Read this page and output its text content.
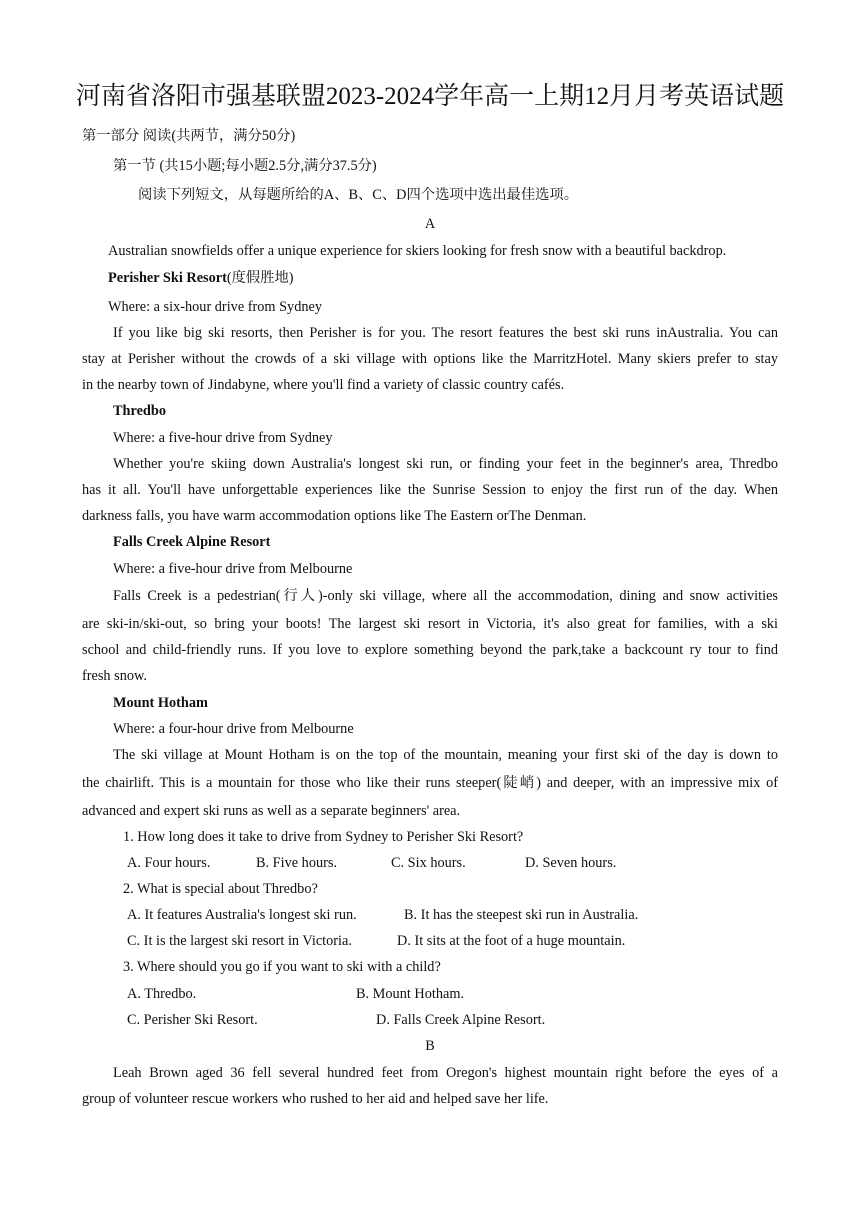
河南省洛阳市强基联盟2023-2024学年高一上期12月月考英语试题
第一部分 阅读(共两节，满分50分)
第一节 (共15小题;每小题2.5分,满分37.5分)
阅读下列短文，从每题所给的A、B、C、D四个选项中选出最佳选项。
A
Australian snowfields offer a unique experience for skiers looking for fresh snow with a beautiful backdrop.
Perisher Ski Resort(度假胜地)
Where: a six-hour drive from Sydney
If you like big ski resorts, then Perisher is for you. The resort features the best ski runs inAustralia. You can
stay at Perisher without the crowds of a ski village with options like the MarritzHotel. Many skiers prefer to stay
in the nearby town of Jindabyne, where you'll find a variety of classic country cafés.
Thredbo
Where: a five-hour drive from Sydney
Whether you're skiing down Australia's longest ski run, or finding your feet in the beginner's area, Thredbo
has it all. You'll have unforgettable experiences like the Sunrise Session to enjoy the first run of the day. When
darkness falls, you have warm accommodation options like The Eastern orThe Denman.
Falls Creek Alpine Resort
Where: a five-hour drive from Melbourne
Falls Creek is a pedestrian(行人)-only ski village, where all the accommodation, dining and snow activities
are ski-in/ski-out, so bring your boots! The largest ski resort in Victoria, it's also great for families, with a ski
school and child-friendly runs. If you love to explore something beyond the park,take a backcount ry tour to find
fresh snow.
Mount Hotham
Where: a four-hour drive from Melbourne
The ski village at Mount Hotham is on the top of the mountain, meaning your first ski of the day is down to
the chairlift. This is a mountain for those who like their runs steeper(陡峭) and deeper, with an impressive mix of
advanced and expert ski runs as well as a separate beginners' area.
1. How long does it take to drive from Sydney to Perisher Ski Resort?
A. Four hours.	B. Five hours.	C. Six hours.	D. Seven hours.
2. What is special about Thredbo?
A. It features Australia's longest ski run.	B. It has the steepest ski run in Australia.
C. It is the largest ski resort in Victoria.	D. It sits at the foot of a huge mountain.
3. Where should you go if you want to ski with a child?
A. Thredbo.	B. Mount Hotham.
C. Perisher Ski Resort.	D. Falls Creek Alpine Resort.
B
Leah Brown aged 36 fell several hundred feet from Oregon's highest mountain right before the eyes of a
group of volunteer rescue workers who rushed to her aid and helped save her life.
